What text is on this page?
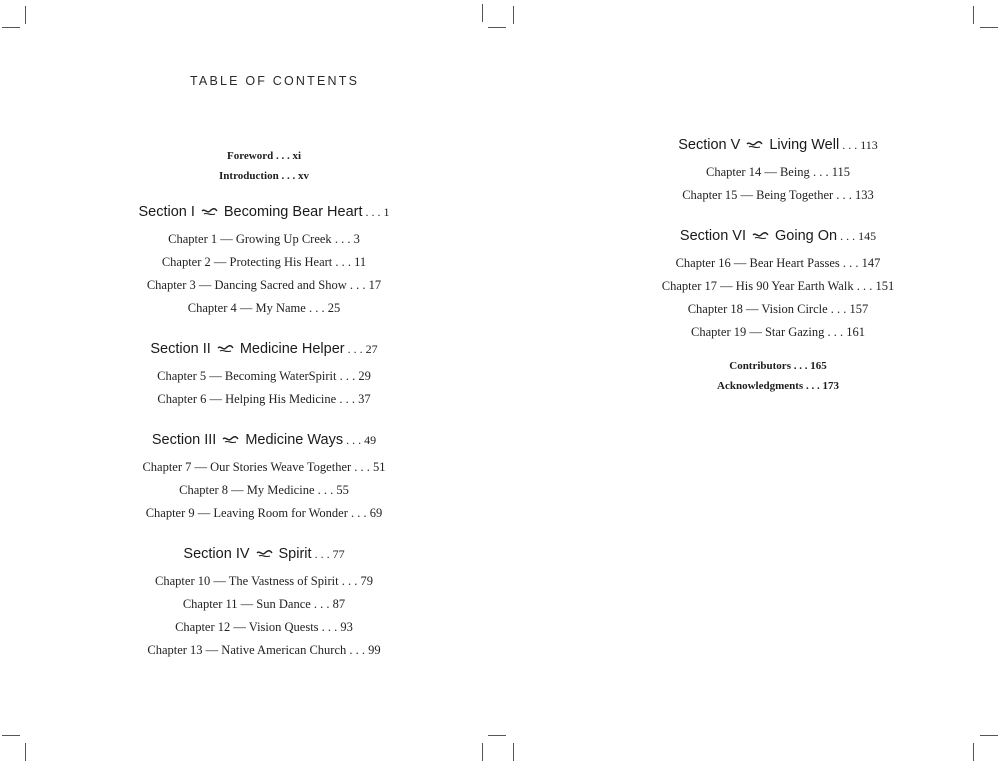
TABLE OF CONTENTS
Foreword . . . xi
Introduction . . . xv
Section I Becoming Bear Heart . . . 1
Chapter 1 — Growing Up Creek . . . 3
Chapter 2 — Protecting His Heart . . . 11
Chapter 3 — Dancing Sacred and Show . . . 17
Chapter 4 — My Name . . . 25
Section II Medicine Helper . . . 27
Chapter 5 — Becoming WaterSpirit . . . 29
Chapter 6 — Helping His Medicine . . . 37
Section III Medicine Ways . . . 49
Chapter 7 — Our Stories Weave Together . . . 51
Chapter 8 — My Medicine . . . 55
Chapter 9 — Leaving Room for Wonder . . . 69
Section IV Spirit . . . 77
Chapter 10 — The Vastness of Spirit . . . 79
Chapter 11 — Sun Dance . . . 87
Chapter 12 — Vision Quests . . . 93
Chapter 13 — Native American Church . . . 99
Section V Living Well . . . 113
Chapter 14 — Being . . . 115
Chapter 15 — Being Together . . . 133
Section VI Going On . . . 145
Chapter 16 — Bear Heart Passes . . . 147
Chapter 17 — His 90 Year Earth Walk . . . 151
Chapter 18 — Vision Circle . . . 157
Chapter 19 — Star Gazing . . . 161
Contributors . . . 165
Acknowledgments . . . 173
